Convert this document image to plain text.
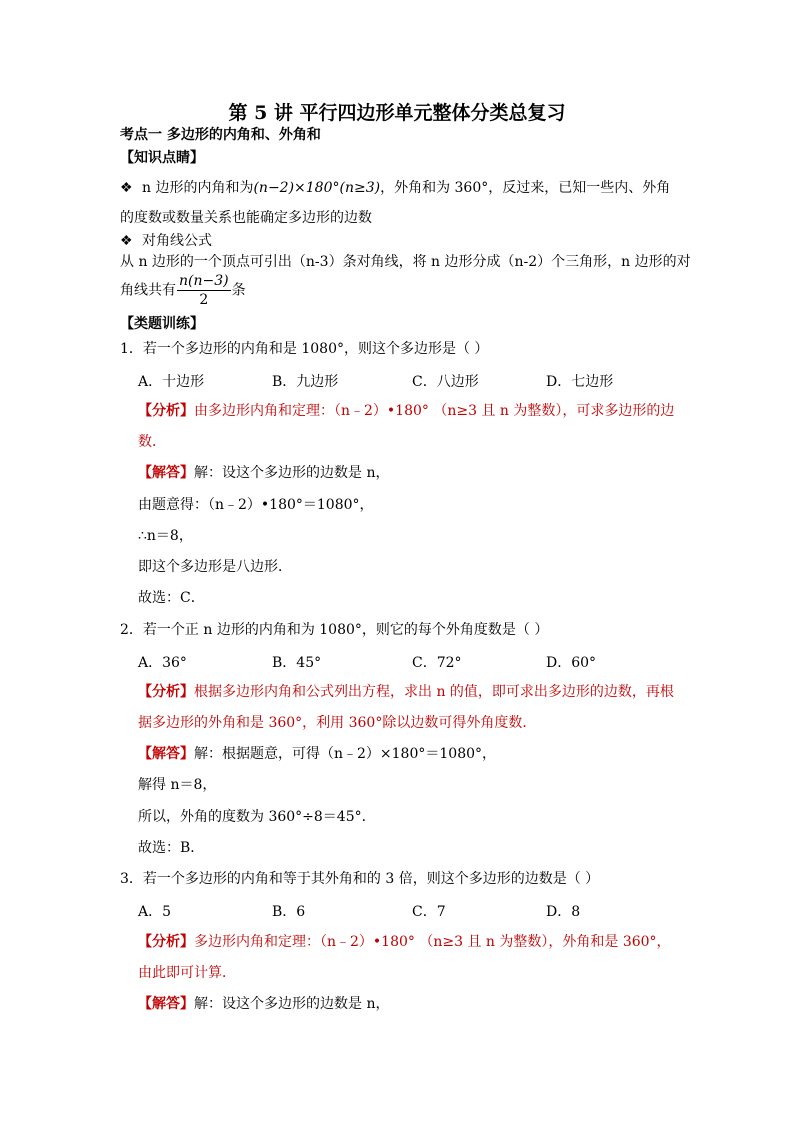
第 5 讲 平行四边形单元整体分类总复习
考点一 多边形的内角和、外角和
【知识点睛】
❖ n 边形的内角和为(n−2)×180°(n≥3)，外角和为 360°，反过来，已知一些内、外角
的度数或数量关系也能确定多边形的边数
❖ 对角线公式
从 n 边形的一个顶点可引出（n-3）条对角线，将 n 边形分成（n-2）个三角形，n 边形的对
角线共有 $\frac{n(n-3)}{2}$ 条
【类题训练】
1．若一个多边形的内角和是 1080°，则这个多边形是（ ）
A．十边形	B．九边形	C．八边形	D．七边形
【分析】由多边形内角和定理：（n﹣2）•180° （n≥3 且 n 为整数），可求多边形的边
数．
【解答】解：设这个多边形的边数是 n，
由题意得：（n﹣2）•180°＝1080°，
∴n＝8，
即这个多边形是八边形．
故选：C．
2．若一个正 n 边形的内角和为 1080°，则它的每个外角度数是（ ）
A．36°	B．45°	C．72°	D．60°
【分析】根据多边形内角和公式列出方程，求出 n 的值，即可求出多边形的边数，再根
据多边形的外角和是 360°，利用 360°除以边数可得外角度数．
【解答】解：根据题意，可得（n﹣2）×180°＝1080°，
解得 n＝8，
所以，外角的度数为 360°÷8＝45°．
故选：B．
3．若一个多边形的内角和等于其外角和的 3 倍，则这个多边形的边数是（ ）
A．5	B．6	C．7	D．8
【分析】多边形内角和定理：（n﹣2）•180° （n≥3 且 n 为整数），外角和是 360°，
由此即可计算．
【解答】解：设这个多边形的边数是 n，
